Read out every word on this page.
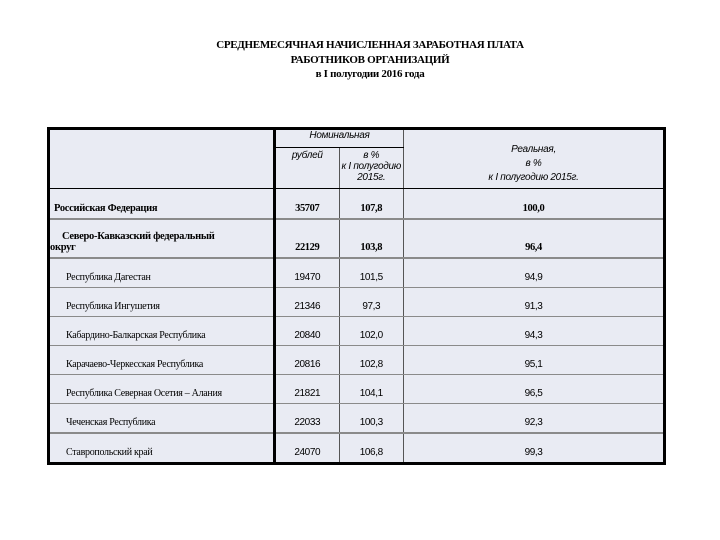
СРЕДНЕМЕСЯЧНАЯ НАЧИСЛЕННАЯ ЗАРАБОТНАЯ ПЛАТА
РАБОТНИКОВ ОРГАНИЗАЦИЙ
в I полугодии 2016 года
	Номинальная		Реальная,
в %
к I полугодию 2015г.

	рублей	в %
к I полугодию 2015г.	

Российская Федерация	35707	107,8	100,0

Северо-Кавказский федеральный
округ	22129	103,8	96,4
Республика Дагестан	19470	101,5	94,9
Республика Ингушетия	21346	97,3	91,3
Кабардино-Балкарская Республика	20840	102,0	94,3
Карачаево-Черкесская Республика	20816	102,8	95,1
Республика Северная Осетия – Алания	21821	104,1	96,5
Чеченская Республика	22033	100,3	92,3
Ставропольский край	24070	106,8	99,3
